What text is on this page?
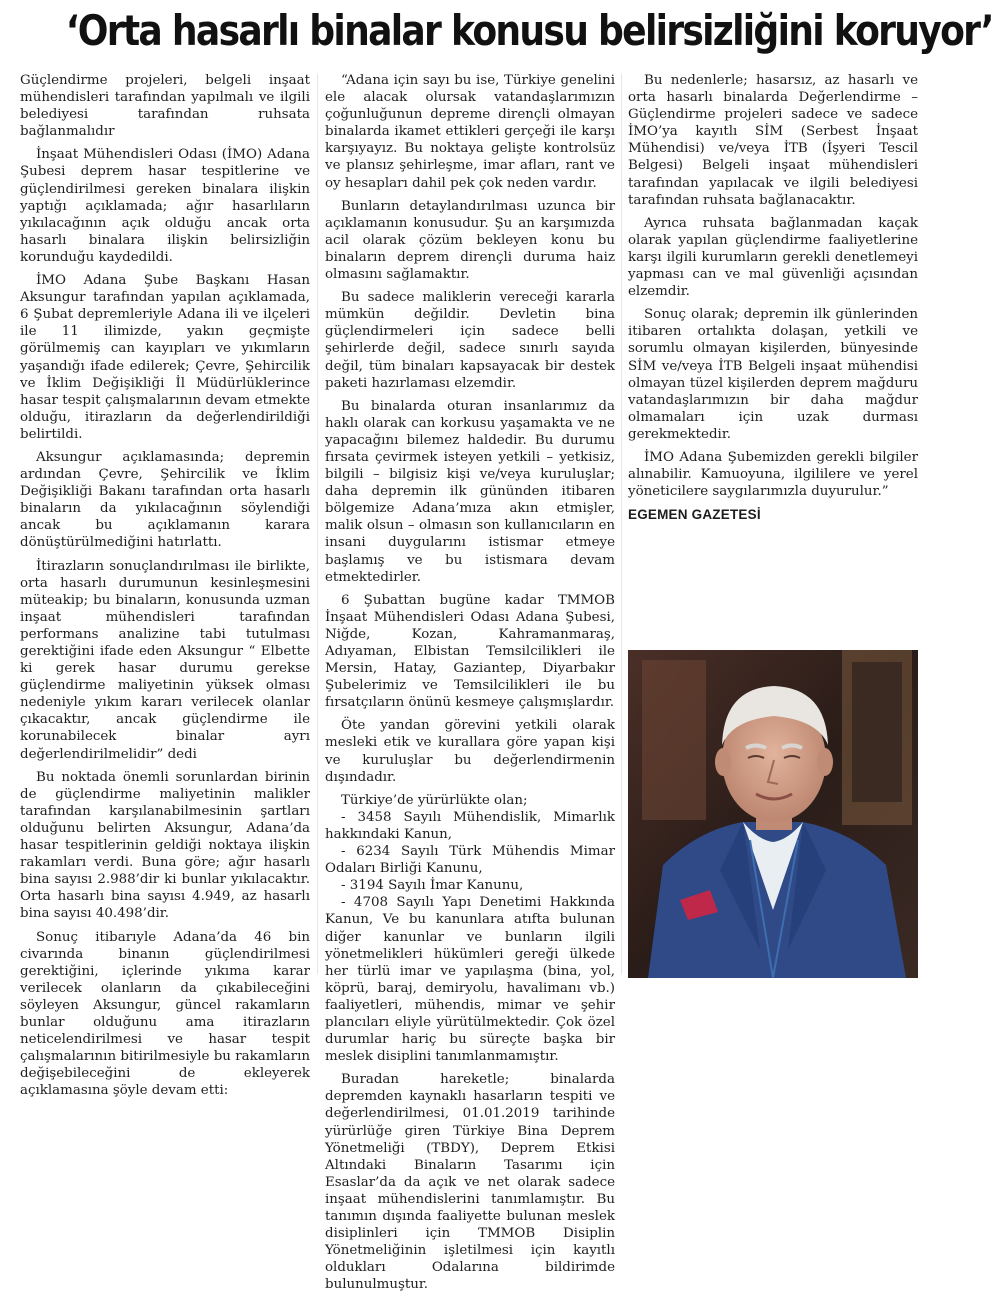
‘Orta hasarlı binalar konusu belirsizliğini koruyor’

Güçlendirme projeleri, belgeli inşaat mühendisleri tarafından yapılmalı ve ilgili belediyesi tarafından ruhsata bağlanmalıdır

İnşaat Mühendisleri Odası (İMO) Adana Şubesi deprem hasar tespitlerine ve güçlendirilmesi gereken binalara ilişkin yaptığı açıklamada; ağır hasarlıların yıkılacağının açık olduğu ancak orta hasarlı binalara ilişkin belirsizliğin korunduğu kaydedildi.

İMO Adana Şube Başkanı Hasan Aksungur tarafından yapılan açıklamada, 6 Şubat depremleriyle Adana ili ve ilçeleri ile 11 ilimizde, yakın geçmişte görülmemiş can kayıpları ve yıkımların yaşandığı ifade edilerek; Çevre, Şehircilik ve İklim Değişikliği İl Müdürlüklerince hasar tespit çalışmalarının devam etmekte olduğu, itirazların da değerlendirildiği belirtildi.

Aksungur açıklamasında; depremin ardından Çevre, Şehircilik ve İklim Değişikliği Bakanı tarafından orta hasarlı binaların da yıkılacağının söylendiği ancak bu açıklamanın karara dönüştürülmediğini hatırlattı.

İtirazların sonuçlandırılması ile birlikte, orta hasarlı durumunun kesinleşmesini müteakip; bu binaların, konusunda uzman inşaat mühendisleri tarafından performans analizine tabi tutulması gerektiğini ifade eden Aksungur “ Elbette ki gerek hasar durumu gerekse güçlendirme maliyetinin yüksek olması nedeniyle yıkım kararı verilecek olanlar çıkacaktır, ancak güçlendirme ile korunabilecek binalar ayrı değerlendirilmelidir” dedi

Bu noktada önemli sorunlardan birinin de güçlendirme maliyetinin malikler tarafından karşılanabilmesinin şartları olduğunu belirten Aksungur, Adana’da hasar tespitlerinin geldiği noktaya ilişkin rakamları verdi. Buna göre; ağır hasarlı bina sayısı 2.988’dir ki bunlar yıkılacaktır. Orta hasarlı bina sayısı 4.949, az hasarlı bina sayısı 40.498’dir.

Sonuç itibarıyle Adana’da 46 bin civarında binanın güçlendirilmesi gerektiğini, içlerinde yıkıma karar verilecek olanların da çıkabileceğini söyleyen Aksungur, güncel rakamların bunlar olduğunu ama itirazların neticelendirilmesi ve hasar tespit çalışmalarının bitirilmesiyle bu rakamların değişebileceğini de ekleyerek açıklamasına şöyle devam etti:

“Adana için sayı bu ise, Türkiye genelini ele alacak olursak vatandaşlarımızın çoğunluğunun depreme dirençli olmayan binalarda ikamet ettikleri gerçeği ile karşı karşıyayız. Bu noktaya gelişte kontrolsüz ve plansız şehirleşme, imar afları, rant ve oy hesapları dahil pek çok neden vardır.

Bunların detaylandırılması uzunca bir açıklamanın konusudur. Şu an karşımızda acil olarak çözüm bekleyen konu bu binaların deprem dirençli duruma haiz olmasını sağlamaktır.

Bu sadece maliklerin vereceği kararla mümkün değildir. Devletin bina güçlendirmeleri için sadece belli şehirlerde değil, sadece sınırlı sayıda değil, tüm binaları kapsayacak bir destek paketi hazırlaması elzemdir.

Bu binalarda oturan insanlarımız da haklı olarak can korkusu yaşamakta ve ne yapacağını bilemez haldedir. Bu durumu fırsata çevirmek isteyen yetkili – yetkisiz, bilgili – bilgisiz kişi ve/veya kuruluşlar; daha depremin ilk gününden itibaren bölgemize Adana’mıza akın etmişler, malik olsun – olmasın son kullanıcıların en insani duygularını istismar etmeye başlamış ve bu istismara devam etmektedirler.

6 Şubattan bugüne kadar TMMOB İnşaat Mühendisleri Odası Adana Şubesi, Niğde, Kozan, Kahramanmaraş, Adıyaman, Elbistan Temsilcilikleri ile Mersin, Hatay, Gaziantep, Diyarbakır Şubelerimiz ve Temsilcilikleri ile bu fırsatçıların önünü kesmeye çalışmışlardır.

Öte yandan görevini yetkili olarak mesleki etik ve kurallara göre yapan kişi ve kuruluşlar bu değerlendirmenin dışındadır.

Türkiye’de yürürlükte olan;

- 3458 Sayılı Mühendislik, Mimarlık hakkındaki Kanun,

- 6234 Sayılı Türk Mühendis Mimar Odaları Birliği Kanunu,

- 3194 Sayılı İmar Kanunu,

- 4708 Sayılı Yapı Denetimi Hakkında Kanun, Ve bu kanunlara atıfta bulunan diğer kanunlar ve bunların ilgili yönetmelikleri hükümleri gereği ülkede her türlü imar ve yapılaşma (bina, yol, köprü, baraj, demiryolu, havalimanı vb.) faaliyetleri, mühendis, mimar ve şehir plancıları eliyle yürütülmektedir. Çok özel durumlar hariç bu süreçte başka bir meslek disiplini tanımlanmamıştır.

Buradan hareketle; binalarda depremden kaynaklı hasarların tespiti ve değerlendirilmesi, 01.01.2019 tarihinde yürürlüğe giren Türkiye Bina Deprem Yönetmeliği (TBDY), Deprem Etkisi Altındaki Binaların Tasarımı için Esaslar’da da açık ve net olarak sadece inşaat mühendislerini tanımlamıştır. Bu tanımın dışında faaliyette bulunan meslek disiplinleri için TMMOB Disiplin Yönetmeliğinin işletilmesi için kayıtlı oldukları Odalarına bildirimde bulunulmuştur.

Bu nedenlerle; hasarsız, az hasarlı ve orta hasarlı binalarda Değerlendirme – Güçlendirme projeleri sadece ve sadece İMO’ya kayıtlı SİM (Serbest İnşaat Mühendisi) ve/veya İTB (İşyeri Tescil Belgesi) Belgeli inşaat mühendisleri tarafından yapılacak ve ilgili belediyesi tarafından ruhsata bağlanacaktır.

Ayrıca ruhsata bağlanmadan kaçak olarak yapılan güçlendirme faaliyetlerine karşı ilgili kurumların gerekli denetlemeyi yapması can ve mal güvenliği açısından elzemdir.

Sonuç olarak; depremin ilk günlerinden itibaren ortalıkta dolaşan, yetkili ve sorumlu olmayan kişilerden, bünyesinde SİM ve/veya İTB Belgeli inşaat mühendisi olmayan tüzel kişilerden deprem mağduru vatandaşlarımızın bir daha mağdur olmamaları için uzak durması gerekmektedir.

İMO Adana Şubemizden gerekli bilgiler alınabilir. Kamuoyuna, ilgililere ve yerel yöneticilere saygılarımızla duyurulur.”

EGEMEN GAZETESİ
